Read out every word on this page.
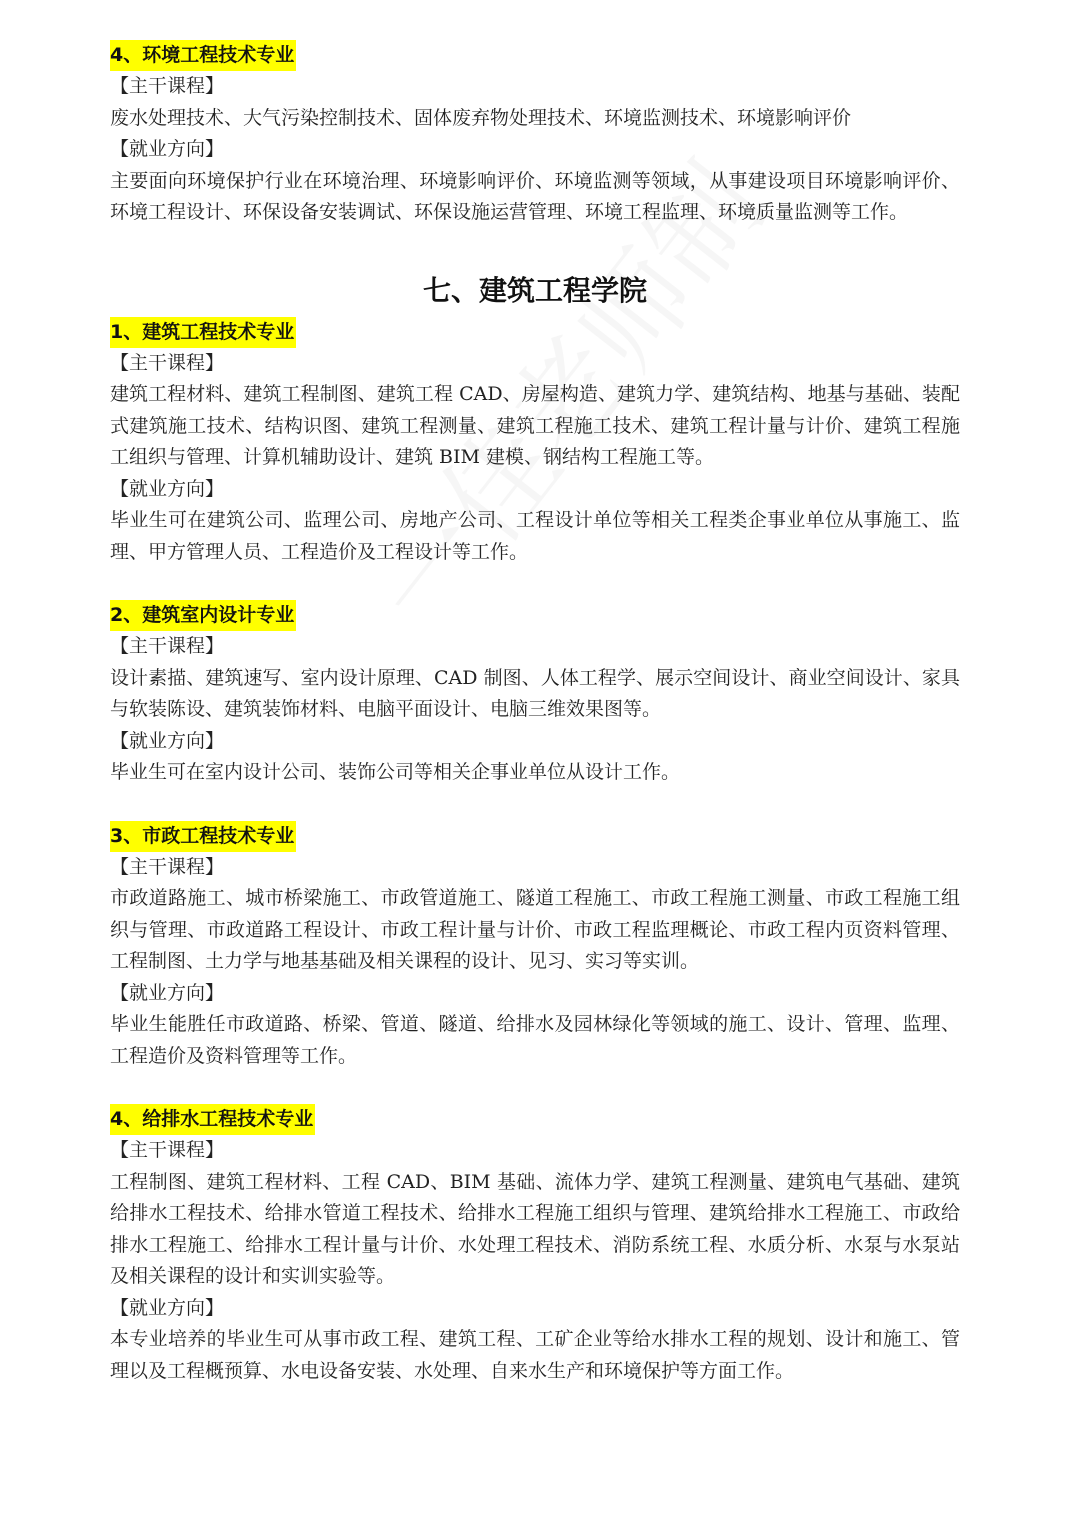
4、环境工程技术专业

【主干课程】

废水处理技术、大气污染控制技术、固体废弃物处理技术、环境监测技术、环境影响评价

【就业方向】

主要面向环境保护行业在环境治理、环境影响评价、环境监测等领域，从事建设项目环境影响评价、环境工程设计、环保设备安装调试、环保设施运营管理、环境工程监理、环境质量监测等工作。

七、建筑工程学院
1、建筑工程技术专业

【主干课程】

建筑工程材料、建筑工程制图、建筑工程 CAD、房屋构造、建筑力学、建筑结构、地基与基础、装配式建筑施工技术、结构识图、建筑工程测量、建筑工程施工技术、建筑工程计量与计价、建筑工程施工组织与管理、计算机辅助设计、建筑 BIM 建模、钢结构工程施工等。

【就业方向】

毕业生可在建筑公司、监理公司、房地产公司、工程设计单位等相关工程类企事业单位从事施工、监理、甲方管理人员、工程造价及工程设计等工作。

2、建筑室内设计专业

【主干课程】

设计素描、建筑速写、室内设计原理、CAD 制图、人体工程学、展示空间设计、商业空间设计、家具与软装陈设、建筑装饰材料、电脑平面设计、电脑三维效果图等。

【就业方向】

毕业生可在室内设计公司、装饰公司等相关企事业单位从设计工作。

3、市政工程技术专业

【主干课程】

市政道路施工、城市桥梁施工、市政管道施工、隧道工程施工、市政工程施工测量、市政工程施工组织与管理、市政道路工程设计、市政工程计量与计价、市政工程监理概论、市政工程内页资料管理、工程制图、土力学与地基基础及相关课程的设计、见习、实习等实训。

【就业方向】

毕业生能胜任市政道路、桥梁、管道、隧道、给排水及园林绿化等领域的施工、设计、管理、监理、工程造价及资料管理等工作。

4、给排水工程技术专业

【主干课程】

工程制图、建筑工程材料、工程 CAD、BIM 基础、流体力学、建筑工程测量、建筑电气基础、建筑给排水工程技术、给排水管道工程技术、给排水工程施工组织与管理、建筑给排水工程施工、市政给排水工程施工、给排水工程计量与计价、水处理工程技术、消防系统工程、水质分析、水泵与水泵站及相关课程的设计和实训实验等。

【就业方向】

本专业培养的毕业生可从事市政工程、建筑工程、工矿企业等给水排水工程的规划、设计和施工、管理以及工程概预算、水电设备安装、水处理、自来水生产和环境保护等方面工作。
